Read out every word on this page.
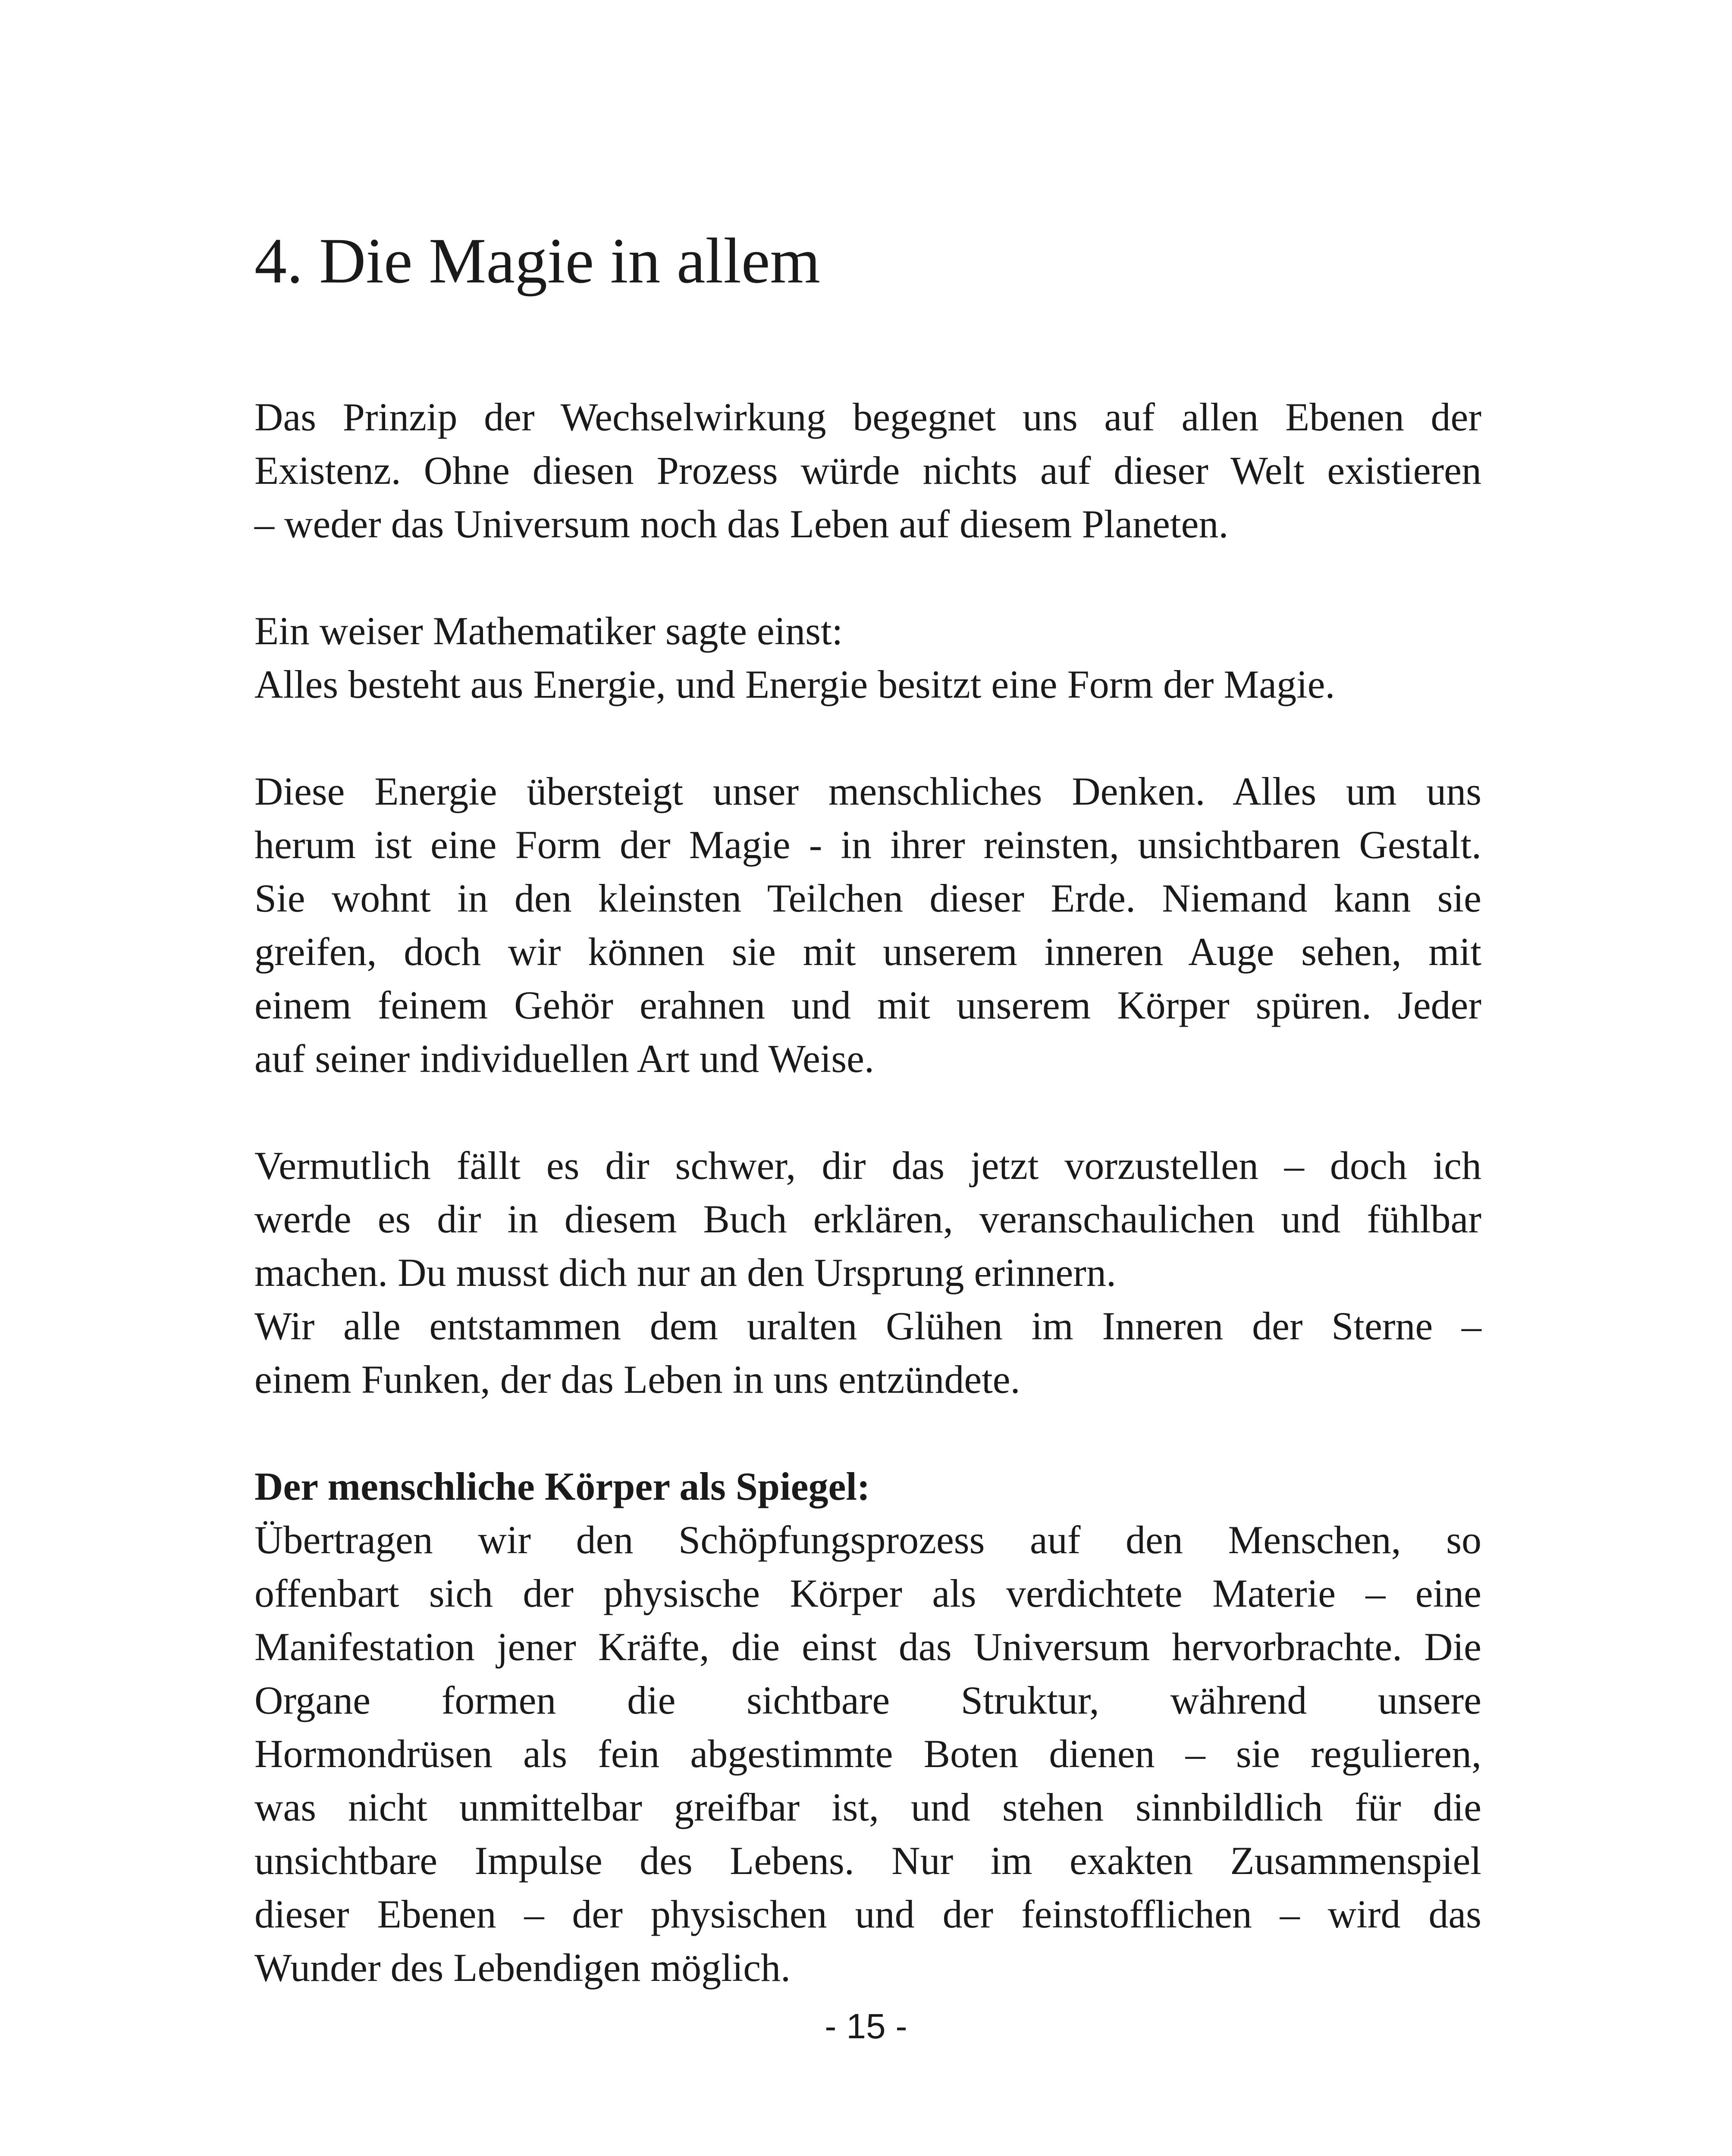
4. Die Magie in allem
Das Prinzip der Wechselwirkung begegnet uns auf allen Ebenen der
Existenz. Ohne diesen Prozess würde nichts auf dieser Welt existieren
– weder das Universum noch das Leben auf diesem Planeten.
Ein weiser Mathematiker sagte einst:
Alles besteht aus Energie, und Energie besitzt eine Form der Magie.
Diese Energie übersteigt unser menschliches Denken. Alles um uns
herum ist eine Form der Magie - in ihrer reinsten, unsichtbaren Gestalt.
Sie wohnt in den kleinsten Teilchen dieser Erde. Niemand kann sie
greifen, doch wir können sie mit unserem inneren Auge sehen, mit
einem feinem Gehör erahnen und mit unserem Körper spüren. Jeder
auf seiner individuellen Art und Weise.
Vermutlich fällt es dir schwer, dir das jetzt vorzustellen – doch ich
werde es dir in diesem Buch erklären, veranschaulichen und fühlbar
machen. Du musst dich nur an den Ursprung erinnern.
Wir alle entstammen dem uralten Glühen im Inneren der Sterne –
einem Funken, der das Leben in uns entzündete.
Der menschliche Körper als Spiegel:
Übertragen wir den Schöpfungsprozess auf den Menschen, so
offenbart sich der physische Körper als verdichtete Materie – eine
Manifestation jener Kräfte, die einst das Universum hervorbrachte. Die
Organe formen die sichtbare Struktur, während unsere
Hormondrüsen als fein abgestimmte Boten dienen – sie regulieren,
was nicht unmittelbar greifbar ist, und stehen sinnbildlich für die
unsichtbare Impulse des Lebens. Nur im exakten Zusammenspiel
dieser Ebenen – der physischen und der feinstofflichen – wird das
Wunder des Lebendigen möglich.
- 15 -
